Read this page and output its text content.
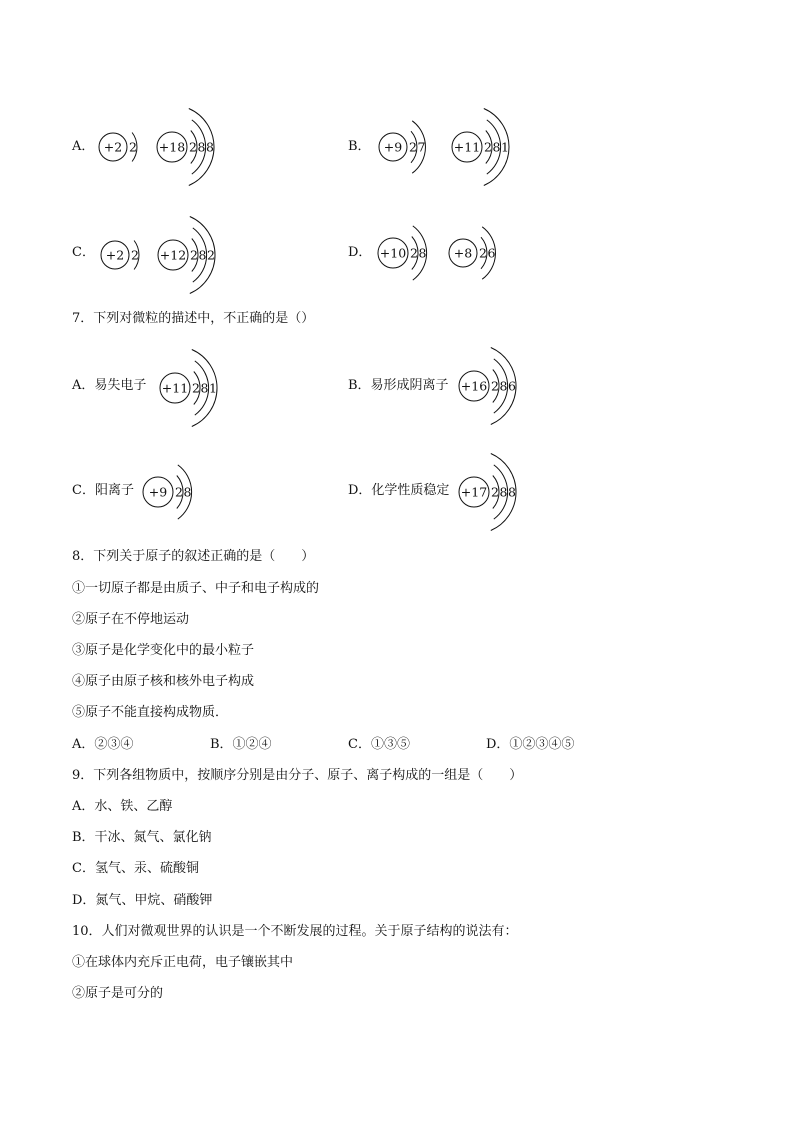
A． +2 2 +18 2 8 8	B． +9 2 7 +11 2 8 1
C． +2 2 +12 2 8 2	D． +10 2 8 +8 2 6
7．下列对微粒的描述中，不正确的是（）
A．易失电子 +11 2 8 1	B．易形成阴离子 +16 2 8 6
C．阳离子 +9 2 8	D．化学性质稳定 +17 2 8 8
8．下列关于原子的叙述正确的是（　　）
①一切原子都是由质子、中子和电子构成的
②原子在不停地运动
③原子是化学变化中的最小粒子
④原子由原子核和核外电子构成
⑤原子不能直接构成物质．
A．②③④	B．①②④	C．①③⑤	D．①②③④⑤
9．下列各组物质中，按顺序分别是由分子、原子、离子构成的一组是（　　）
A．水、铁、乙醇
B．干冰、氮气、氯化钠
C．氢气、汞、硫酸铜
D．氮气、甲烷、硝酸钾
10．人们对微观世界的认识是一个不断发展的过程。关于原子结构的说法有：
①在球体内充斥正电荷，电子镶嵌其中
②原子是可分的
